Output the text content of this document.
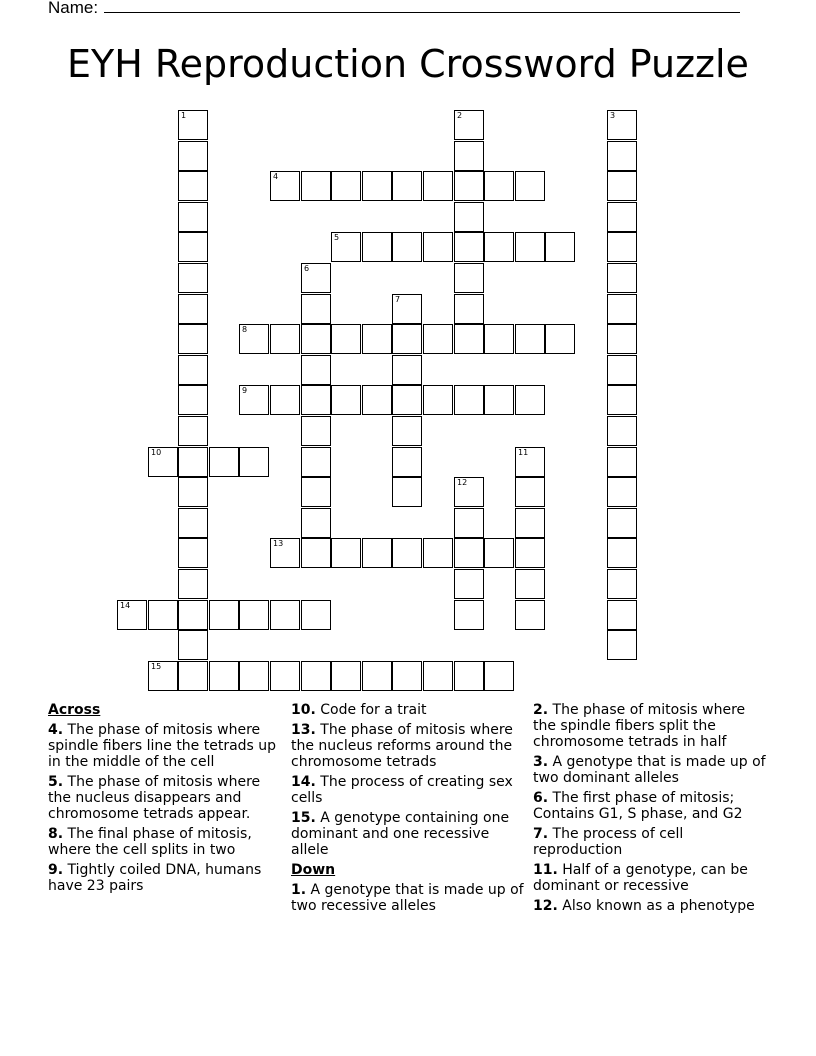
Name:
EYH Reproduction Crossword Puzzle
1	2	3
4
5
6
7
8
9
10	11
12
13
14
15
Across
4. The phase of mitosis where spindle fibers line the tetrads up in the middle of the cell
5. The phase of mitosis where the nucleus disappears and chromosome tetrads appear.
8. The final phase of mitosis, where the cell splits in two
9. Tightly coiled DNA, humans have 23 pairs
10. Code for a trait
13. The phase of mitosis where the nucleus reforms around the chromosome tetrads
14. The process of creating sex cells
15. A genotype containing one dominant and one recessive allele
Down
1. A genotype that is made up of two recessive alleles
2. The phase of mitosis where the spindle fibers split the chromosome tetrads in half
3. A genotype that is made up of two dominant alleles
6. The first phase of mitosis; Contains G1, S phase, and G2
7. The process of cell reproduction
11. Half of a genotype, can be dominant or recessive
12. Also known as a phenotype
